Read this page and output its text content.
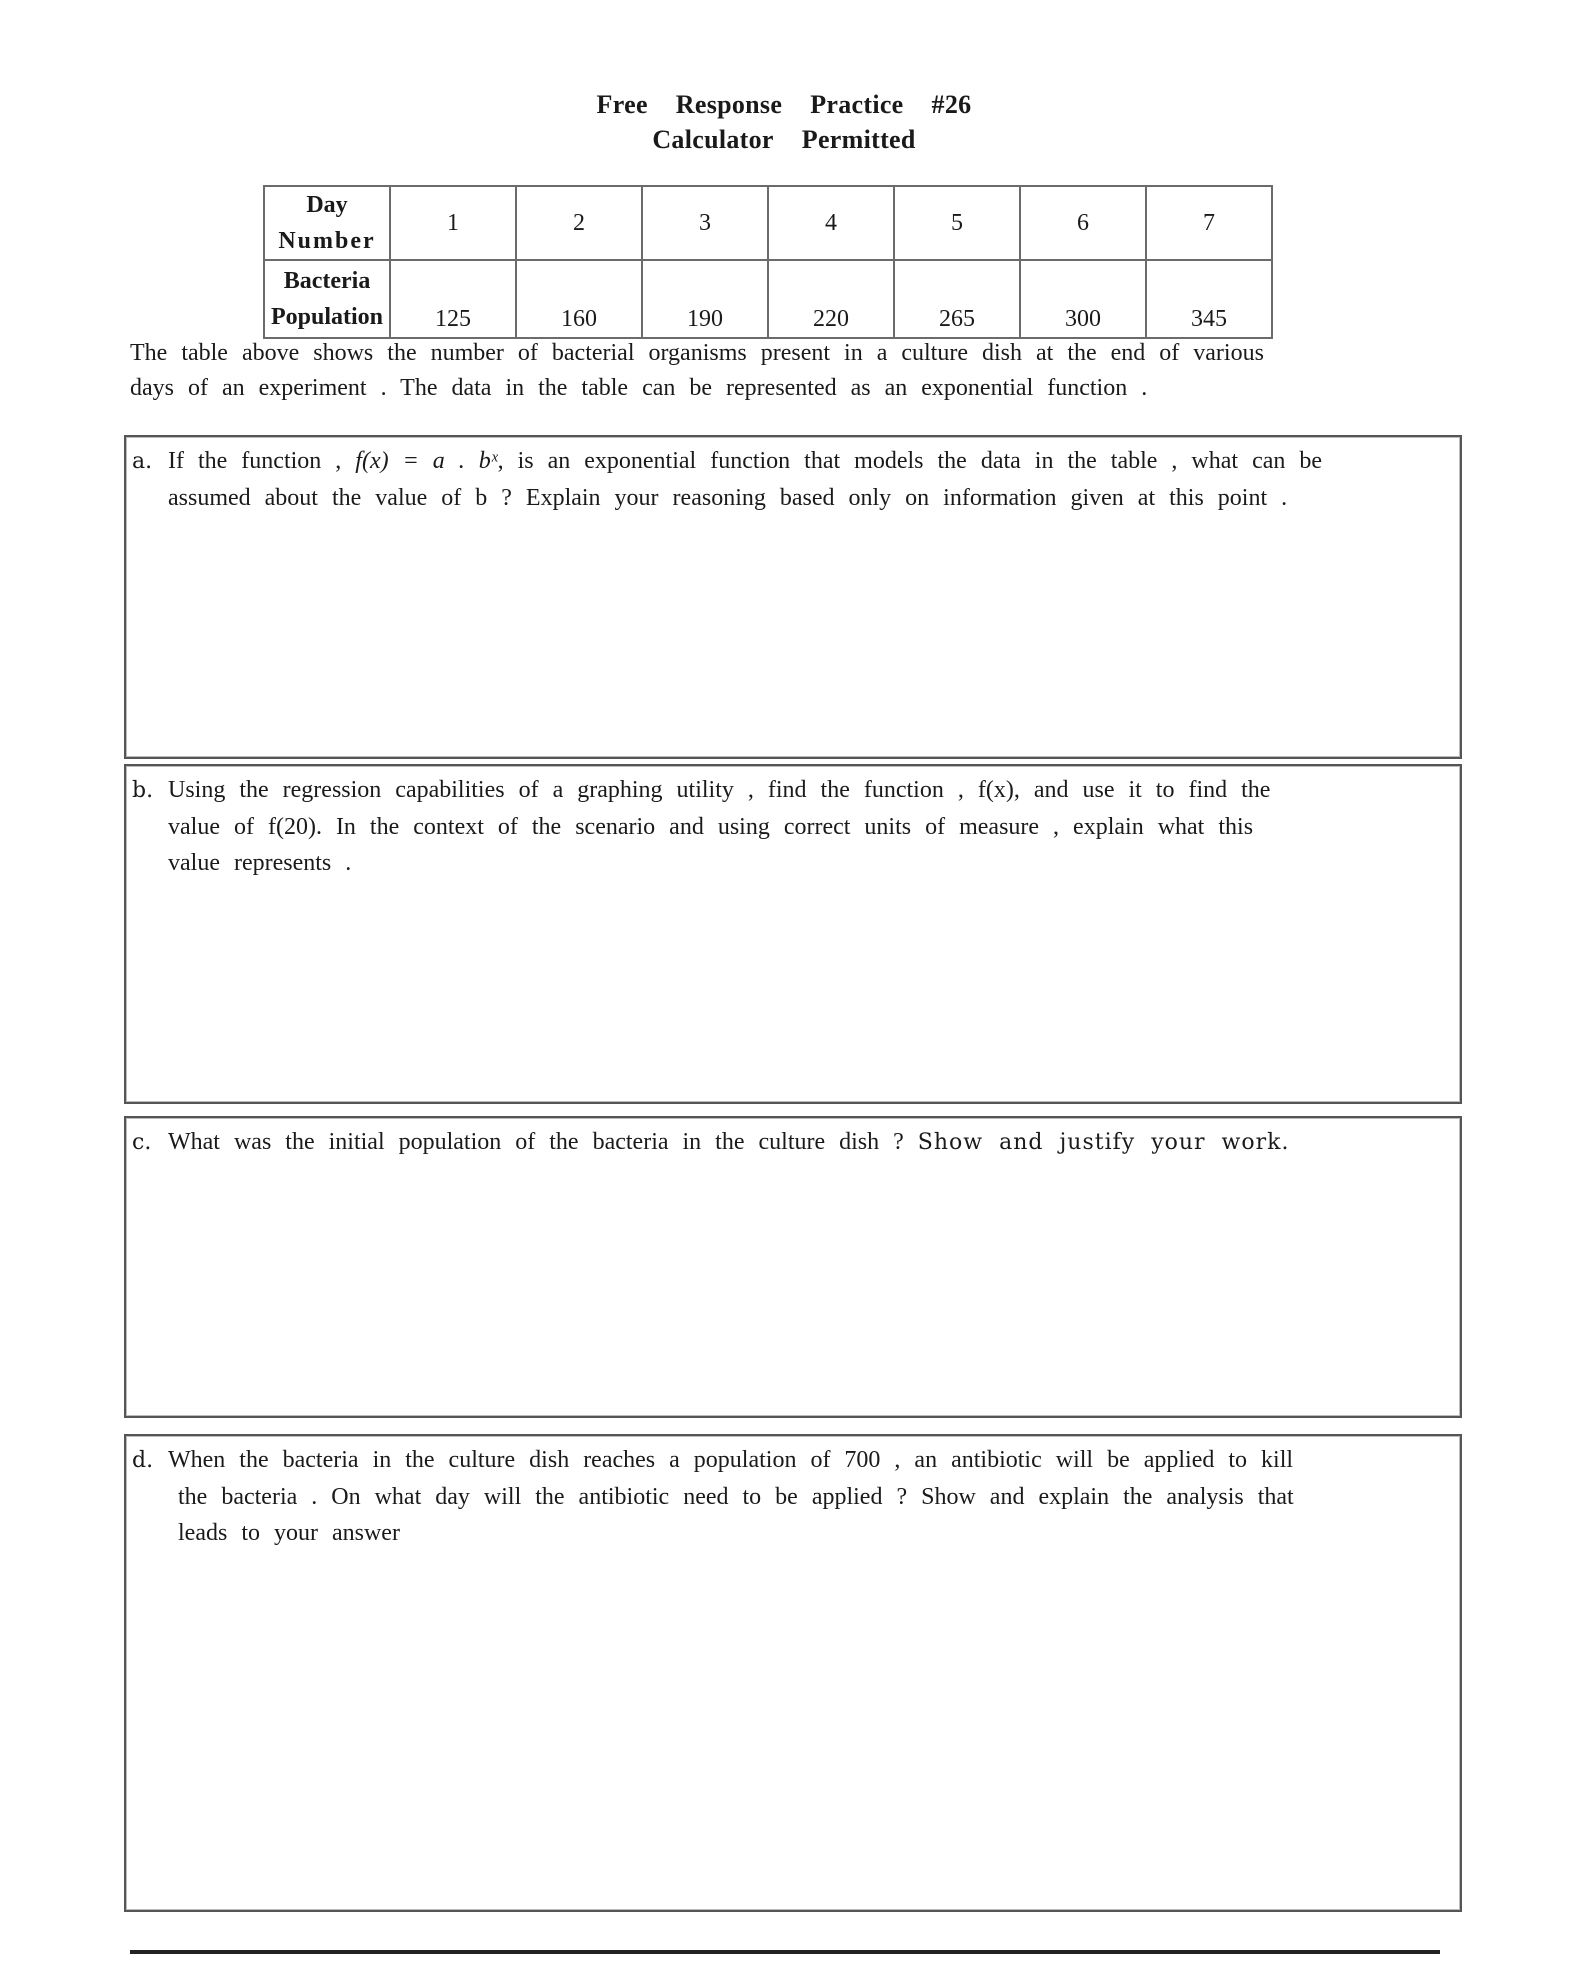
Free Response Practice #26
Calculator Permitted
Day
Number	1	2	3	4	5	6	7

Bacteria
Population	125	160	190	220	265	300	345
The table above shows the number of bacterial organisms present in a culture dish at the end of various
days of an experiment . The data in the table can be represented as an exponential function .
a. If the function , f(x) = a . bˣ, is an exponential function that models the data in the table , what can be
assumed about the value of b ? Explain your reasoning based only on information given at this point .
b. Using the regression capabilities of a graphing utility , find the function , f(x), and use it to find the
value of f(20). In the context of the scenario and using correct units of measure , explain what this
value represents .
c. What was the initial population of the bacteria in the culture dish ? Show and justify your work.
d. When the bacteria in the culture dish reaches a population of 700 , an antibiotic will be applied to kill
the bacteria . On what day will the antibiotic need to be applied ? Show and explain the analysis that
leads to your answer
